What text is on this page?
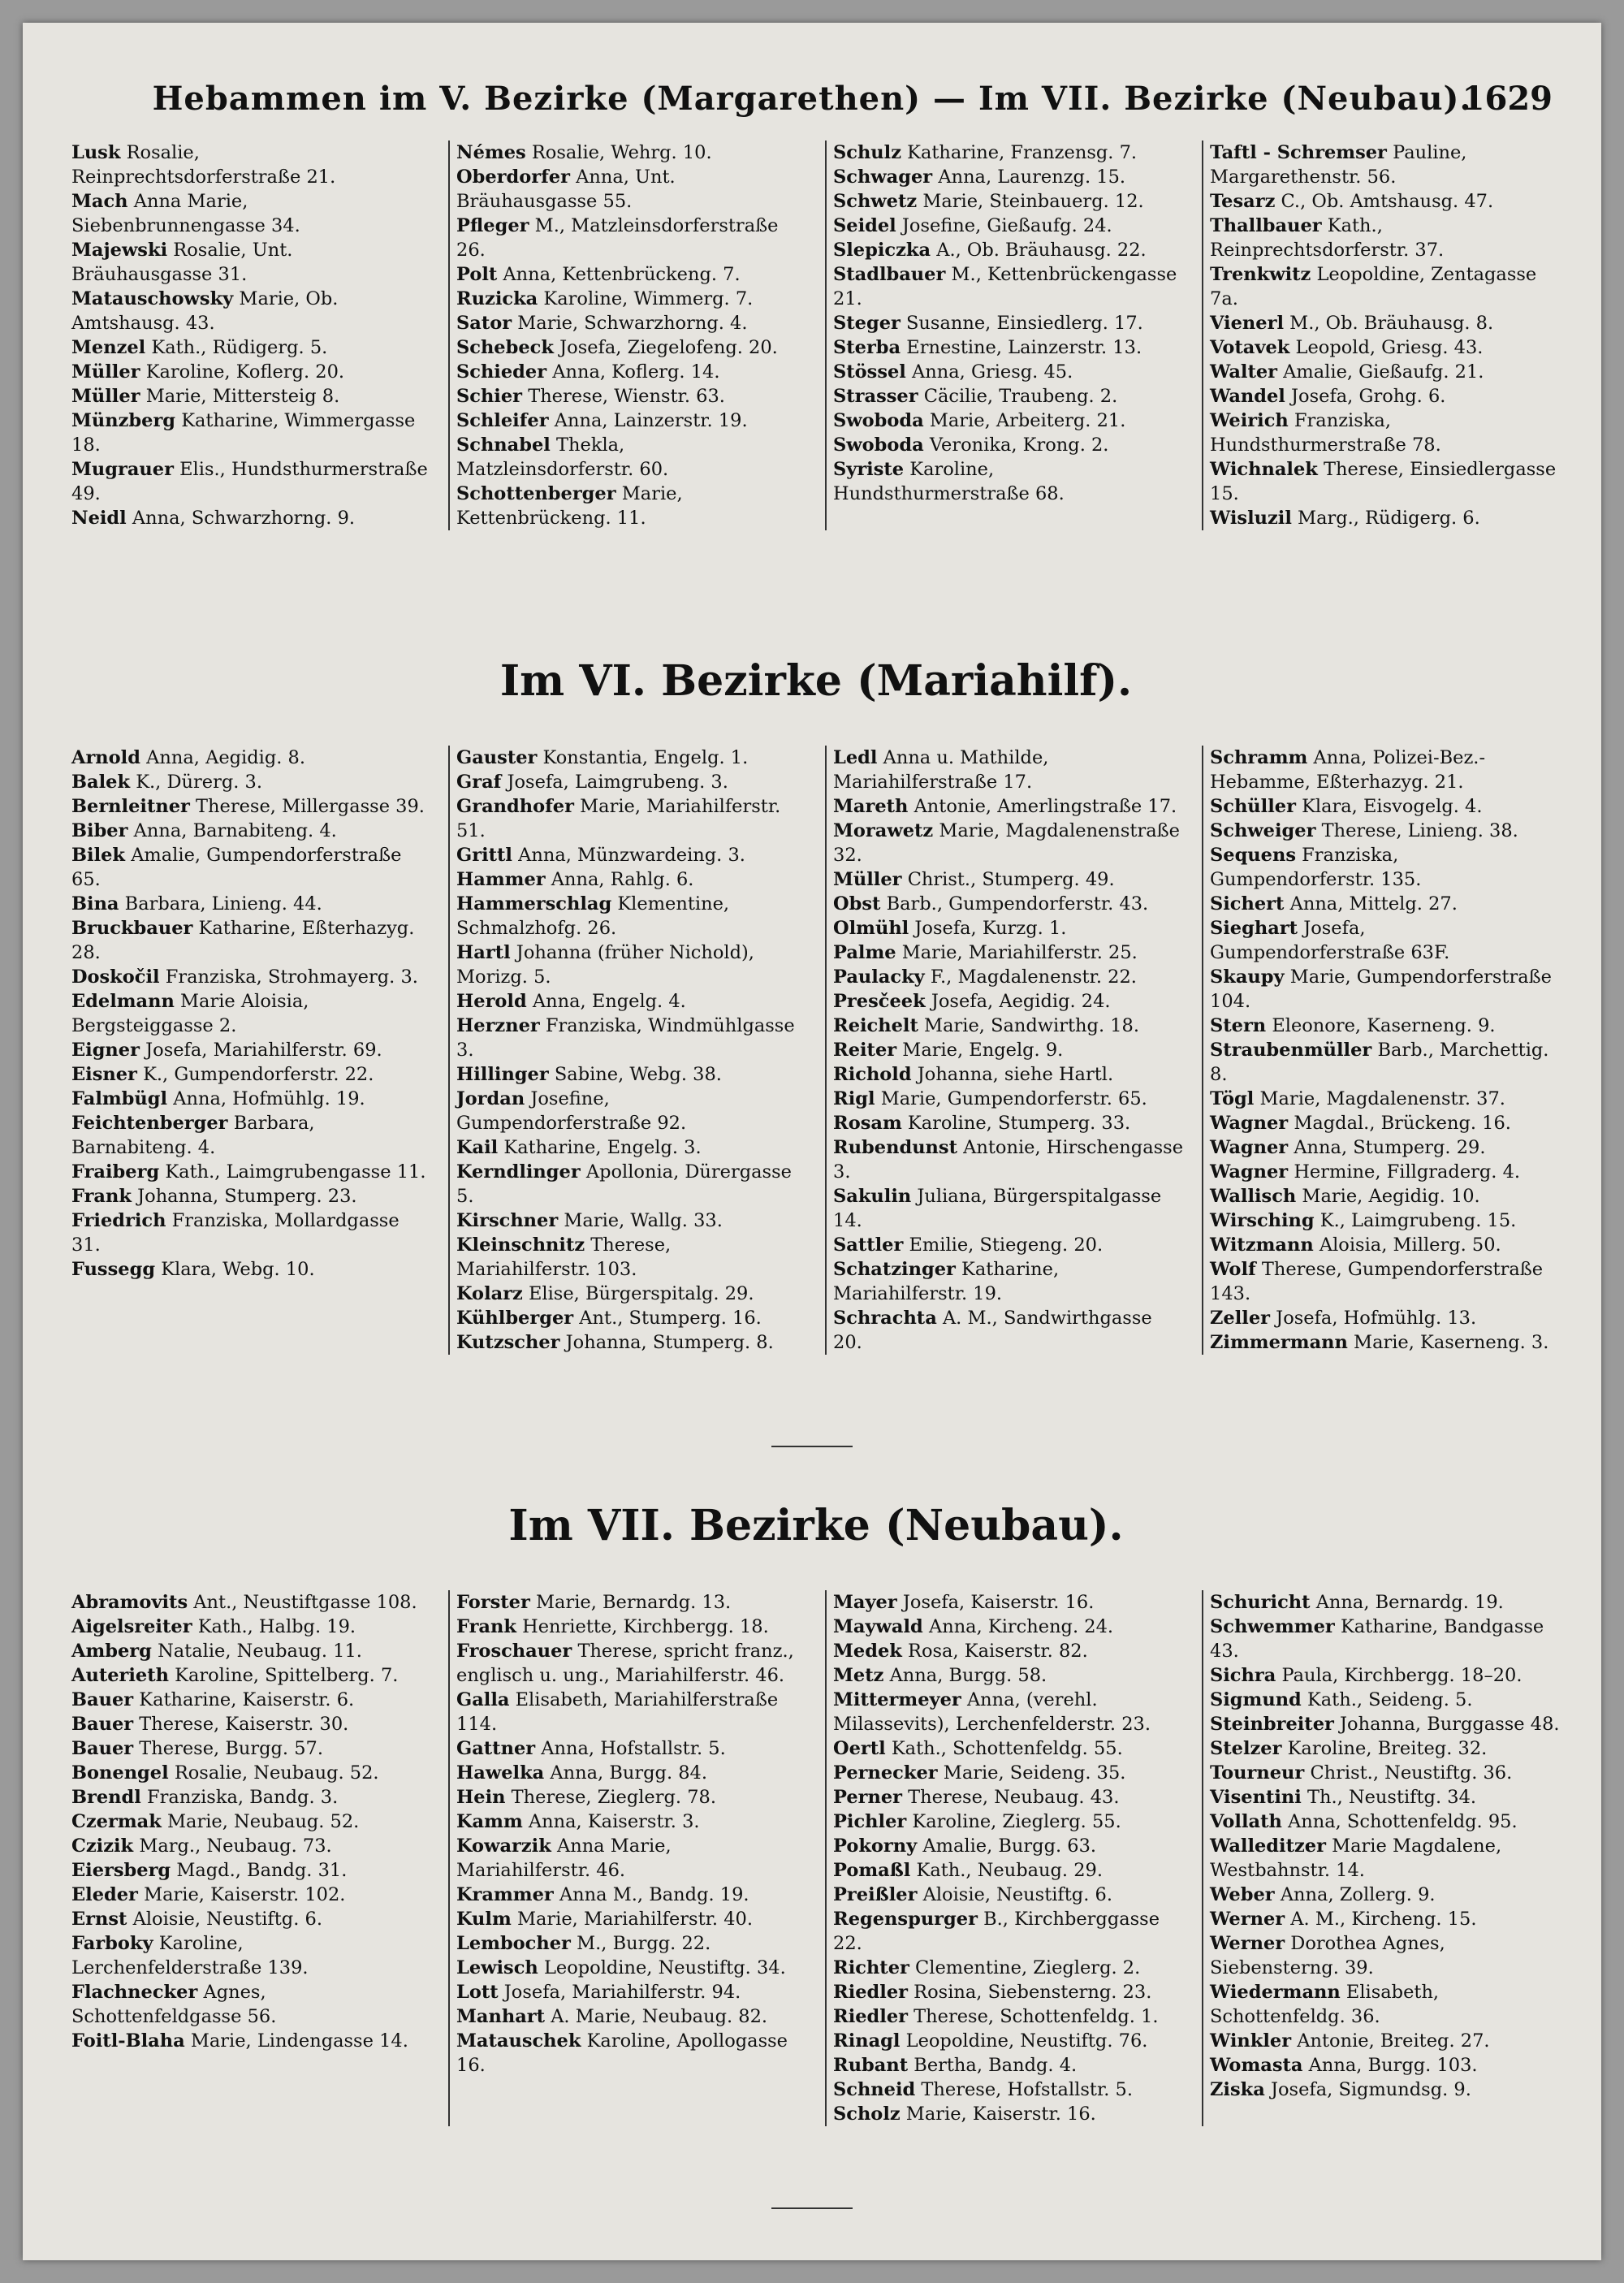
Hebammen im V. Bezirke (Margarethen) — Im VII. Bezirke (Neubau).
1629

Lusk Rosalie, Reinprechtsdorferstraße 21.

Mach Anna Marie, Siebenbrunnengasse 34.

Majewski Rosalie, Unt. Bräuhausgasse 31.

Matauschowsky Marie, Ob. Amtshausg. 43.

Menzel Kath., Rüdigerg. 5.

Müller Karoline, Koflerg. 20.

Müller Marie, Mittersteig 8.

Münzberg Katharine, Wimmergasse 18.

Mugrauer Elis., Hundsthurmerstraße 49.

Neidl Anna, Schwarzhorng. 9.

Némes Rosalie, Wehrg. 10.

Oberdorfer Anna, Unt. Bräuhausgasse 55.

Pfleger M., Matzleinsdorferstraße 26.

Polt Anna, Kettenbrückeng. 7.

Ruzicka Karoline, Wimmerg. 7.

Sator Marie, Schwarzhorng. 4.

Schebeck Josefa, Ziegelofeng. 20.

Schieder Anna, Koflerg. 14.

Schier Therese, Wienstr. 63.

Schleifer Anna, Lainzerstr. 19.

Schnabel Thekla, Matzleinsdorferstr. 60.

Schottenberger Marie, Kettenbrückeng. 11.

Schulz Katharine, Franzensg. 7.

Schwager Anna, Laurenzg. 15.

Schwetz Marie, Steinbauerg. 12.

Seidel Josefine, Gießaufg. 24.

Slepiczka A., Ob. Bräuhausg. 22.

Stadlbauer M., Kettenbrückengasse 21.

Steger Susanne, Einsiedlerg. 17.

Sterba Ernestine, Lainzerstr. 13.

Stössel Anna, Griesg. 45.

Strasser Cäcilie, Traubeng. 2.

Swoboda Marie, Arbeiterg. 21.

Swoboda Veronika, Krong. 2.

Syriste Karoline, Hundsthurmerstraße 68.

Taftl - Schremser Pauline, Margarethenstr. 56.

Tesarz C., Ob. Amtshausg. 47.

Thallbauer Kath., Reinprechtsdorferstr. 37.

Trenkwitz Leopoldine, Zentagasse 7a.

Vienerl M., Ob. Bräuhausg. 8.

Votavek Leopold, Griesg. 43.

Walter Amalie, Gießaufg. 21.

Wandel Josefa, Grohg. 6.

Weirich Franziska, Hundsthurmerstraße 78.

Wichnalek Therese, Einsiedlergasse 15.

Wisluzil Marg., Rüdigerg. 6.

Im VI. Bezirke (Mariahilf).

Arnold Anna, Aegidig. 8.

Balek K., Dürerg. 3.

Bernleitner Therese, Millergasse 39.

Biber Anna, Barnabiteng. 4.

Bilek Amalie, Gumpendorferstraße 65.

Bina Barbara, Linieng. 44.

Bruckbauer Katharine, Eßterhazyg. 28.

Doskočil Franziska, Strohmayerg. 3.

Edelmann Marie Aloisia, Bergsteiggasse 2.

Eigner Josefa, Mariahilferstr. 69.

Eisner K., Gumpendorferstr. 22.

Falmbügl Anna, Hofmühlg. 19.

Feichtenberger Barbara, Barnabiteng. 4.

Fraiberg Kath., Laimgrubengasse 11.

Frank Johanna, Stumperg. 23.

Friedrich Franziska, Mollardgasse 31.

Fussegg Klara, Webg. 10.

Gauster Konstantia, Engelg. 1.

Graf Josefa, Laimgrubeng. 3.

Grandhofer Marie, Mariahilferstr. 51.

Grittl Anna, Münzwardeing. 3.

Hammer Anna, Rahlg. 6.

Hammerschlag Klementine, Schmalzhofg. 26.

Hartl Johanna (früher Nichold), Morizg. 5.

Herold Anna, Engelg. 4.

Herzner Franziska, Windmühlgasse 3.

Hillinger Sabine, Webg. 38.

Jordan Josefine, Gumpendorferstraße 92.

Kail Katharine, Engelg. 3.

Kerndlinger Apollonia, Dürergasse 5.

Kirschner Marie, Wallg. 33.

Kleinschnitz Therese, Mariahilferstr. 103.

Kolarz Elise, Bürgerspitalg. 29.

Kühlberger Ant., Stumperg. 16.

Kutzscher Johanna, Stumperg. 8.

Ledl Anna u. Mathilde, Mariahilferstraße 17.

Mareth Antonie, Amerlingstraße 17.

Morawetz Marie, Magdalenenstraße 32.

Müller Christ., Stumperg. 49.

Obst Barb., Gumpendorferstr. 43.

Olmühl Josefa, Kurzg. 1.

Palme Marie, Mariahilferstr. 25.

Paulacky F., Magdalenenstr. 22.

Presčeek Josefa, Aegidig. 24.

Reichelt Marie, Sandwirthg. 18.

Reiter Marie, Engelg. 9.

Richold Johanna, siehe Hartl.

Rigl Marie, Gumpendorferstr. 65.

Rosam Karoline, Stumperg. 33.

Rubendunst Antonie, Hirschengasse 3.

Sakulin Juliana, Bürgerspitalgasse 14.

Sattler Emilie, Stiegeng. 20.

Schatzinger Katharine, Mariahilferstr. 19.

Schrachta A. M., Sandwirthgasse 20.

Schramm Anna, Polizei-Bez.-Hebamme, Eßterhazyg. 21.

Schüller Klara, Eisvogelg. 4.

Schweiger Therese, Linieng. 38.

Sequens Franziska, Gumpendorferstr. 135.

Sichert Anna, Mittelg. 27.

Sieghart Josefa, Gumpendorferstraße 63F.

Skaupy Marie, Gumpendorferstraße 104.

Stern Eleonore, Kaserneng. 9.

Straubenmüller Barb., Marchettig. 8.

Tögl Marie, Magdalenenstr. 37.

Wagner Magdal., Brückeng. 16.

Wagner Anna, Stumperg. 29.

Wagner Hermine, Fillgraderg. 4.

Wallisch Marie, Aegidig. 10.

Wirsching K., Laimgrubeng. 15.

Witzmann Aloisia, Millerg. 50.

Wolf Therese, Gumpendorferstraße 143.

Zeller Josefa, Hofmühlg. 13.

Zimmermann Marie, Kaserneng. 3.

Im VII. Bezirke (Neubau).

Abramovits Ant., Neustiftgasse 108.

Aigelsreiter Kath., Halbg. 19.

Amberg Natalie, Neubaug. 11.

Auterieth Karoline, Spittelberg. 7.

Bauer Katharine, Kaiserstr. 6.

Bauer Therese, Kaiserstr. 30.

Bauer Therese, Burgg. 57.

Bonengel Rosalie, Neubaug. 52.

Brendl Franziska, Bandg. 3.

Czermak Marie, Neubaug. 52.

Czizik Marg., Neubaug. 73.

Eiersberg Magd., Bandg. 31.

Eleder Marie, Kaiserstr. 102.

Ernst Aloisie, Neustiftg. 6.

Farboky Karoline, Lerchenfelderstraße 139.

Flachnecker Agnes, Schottenfeldgasse 56.

Foitl-Blaha Marie, Lindengasse 14.

Forster Marie, Bernardg. 13.

Frank Henriette, Kirchbergg. 18.

Froschauer Therese, spricht franz., englisch u. ung., Mariahilferstr. 46.

Galla Elisabeth, Mariahilferstraße 114.

Gattner Anna, Hofstallstr. 5.

Hawelka Anna, Burgg. 84.

Hein Therese, Zieglerg. 78.

Kamm Anna, Kaiserstr. 3.

Kowarzik Anna Marie, Mariahilferstr. 46.

Krammer Anna M., Bandg. 19.

Kulm Marie, Mariahilferstr. 40.

Lembocher M., Burgg. 22.

Lewisch Leopoldine, Neustiftg. 34.

Lott Josefa, Mariahilferstr. 94.

Manhart A. Marie, Neubaug. 82.

Matauschek Karoline, Apollogasse 16.

Mayer Josefa, Kaiserstr. 16.

Maywald Anna, Kircheng. 24.

Medek Rosa, Kaiserstr. 82.

Metz Anna, Burgg. 58.

Mittermeyer Anna, (verehl. Milassevits), Lerchenfelderstr. 23.

Oertl Kath., Schottenfeldg. 55.

Pernecker Marie, Seideng. 35.

Perner Therese, Neubaug. 43.

Pichler Karoline, Zieglerg. 55.

Pokorny Amalie, Burgg. 63.

Pomaßl Kath., Neubaug. 29.

Preißler Aloisie, Neustiftg. 6.

Regenspurger B., Kirchberggasse 22.

Richter Clementine, Zieglerg. 2.

Riedler Rosina, Siebensterng. 23.

Riedler Therese, Schottenfeldg. 1.

Rinagl Leopoldine, Neustiftg. 76.

Rubant Bertha, Bandg. 4.

Schneid Therese, Hofstallstr. 5.

Scholz Marie, Kaiserstr. 16.

Schuricht Anna, Bernardg. 19.

Schwemmer Katharine, Bandgasse 43.

Sichra Paula, Kirchbergg. 18–20.

Sigmund Kath., Seideng. 5.

Steinbreiter Johanna, Burggasse 48.

Stelzer Karoline, Breiteg. 32.

Tourneur Christ., Neustiftg. 36.

Visentini Th., Neustiftg. 34.

Vollath Anna, Schottenfeldg. 95.

Walleditzer Marie Magdalene, Westbahnstr. 14.

Weber Anna, Zollerg. 9.

Werner A. M., Kircheng. 15.

Werner Dorothea Agnes, Siebensterng. 39.

Wiedermann Elisabeth, Schottenfeldg. 36.

Winkler Antonie, Breiteg. 27.

Womasta Anna, Burgg. 103.

Ziska Josefa, Sigmundsg. 9.
